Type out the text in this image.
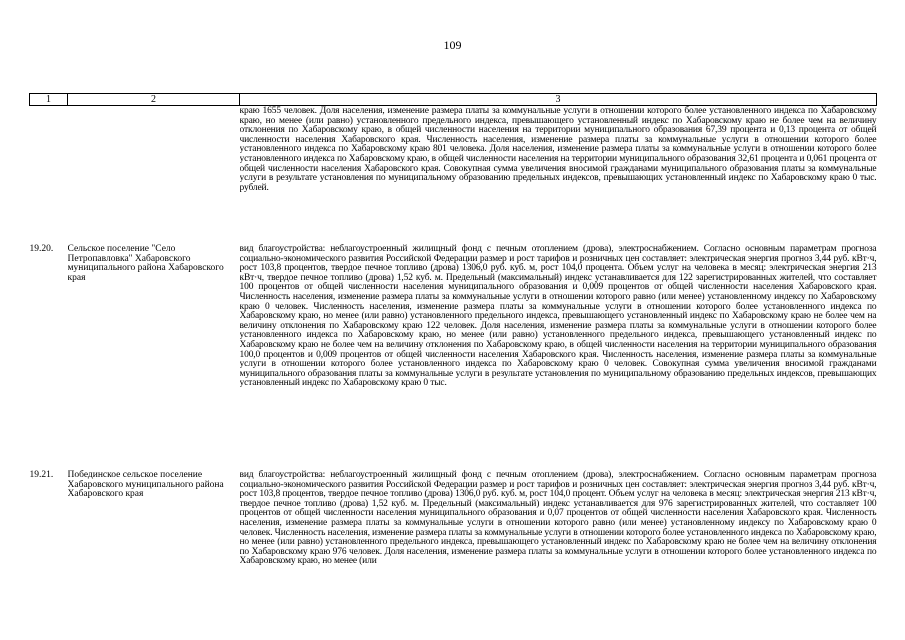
109
1	2	3
		краю 1655 человек. Доля населения, изменение размера платы за коммунальные услуги в отношении которого более установленного индекса по Хабаровскому краю, но менее (или равно) установленного предельного индекса, превышающего установленный индекс по Хабаровскому краю не более чем на величину отклонения по Хабаровскому краю, в общей численности населения на территории муниципального образования 67,39 процента и 0,13 процента от общей численности населения Хабаровского края. Численность населения, изменение размера платы за коммунальные услуги в отношении которого более установленного индекса по Хабаровскому краю 801 человека. Доля населения, изменение размера платы за коммунальные услуги в отношении которого более установленного индекса по Хабаровскому краю, в общей численности населения на территории муниципального образования 32,61 процента и 0,061 процента от общей численности населения Хабаровского края. Совокупная сумма увеличения вносимой гражданами муниципального образования платы за коммунальные услуги в результате установления по муниципальному образованию предельных индексов, превышающих установленный индекс по Хабаровскому краю 0 тыс. рублей.
19.20.	Сельское поселение "Село Петропавловка" Хабаровского муниципального района Хабаровского края	вид благоустройства: неблагоустроенный жилищный фонд с печным отоплением (дрова), электроснабжением. Согласно основным параметрам прогноза социально-экономического развития Российской Федерации размер и рост тарифов и розничных цен составляет: электрическая энергия прогноз 3,44 руб. кВт·ч, рост 103,8 процентов, твердое печное топливо (дрова) 1306,0 руб. куб. м, рост 104,0 процента. Объем услуг на человека в месяц: электрическая энергия 213 кВт·ч, твердое печное топливо (дрова) 1,52 куб. м. Предельный (максимальный) индекс устанавливается для 122 зарегистрированных жителей, что составляет 100 процентов от общей численности населения муниципального образования и 0,009 процентов от общей численности населения Хабаровского края. Численность населения, изменение размера платы за коммунальные услуги в отношении которого равно (или менее) установленному индексу по Хабаровскому краю 0 человек. Численность населения, изменение размера платы за коммунальные услуги в отношении которого более установленного индекса по Хабаровскому краю, но менее (или равно) установленного предельного индекса, превышающего установленный индекс по Хабаровскому краю не более чем на величину отклонения по Хабаровскому краю 122 человек. Доля населения, изменение размера платы за коммунальные услуги в отношении которого более установленного индекса по Хабаровскому краю, но менее (или равно) установленного предельного индекса, превышающего установленный индекс по Хабаровскому краю не более чем на величину отклонения по Хабаровскому краю, в общей численности населения на территории муниципального образования 100,0 процентов и 0,009 процентов от общей численности населения Хабаровского края. Численность населения, изменение размера платы за коммунальные услуги в отношении которого более установленного индекса по Хабаровскому краю 0 человек. Совокупная сумма увеличения вносимой гражданами муниципального образования платы за коммунальные услуги в результате установления по муниципальному образованию предельных индексов, превышающих установленный индекс по Хабаровскому краю 0 тыс.
19.21.	Побединское сельское поселение Хабаровского муниципального района Хабаровского края	вид благоустройства: неблагоустроенный жилищный фонд с печным отоплением (дрова), электроснабжением. Согласно основным параметрам прогноза социально-экономического развития Российской Федерации размер и рост тарифов и розничных цен составляет: электрическая энергия прогноз 3,44 руб. кВт·ч, рост 103,8 процентов, твердое печное топливо (дрова) 1306,0 руб. куб. м, рост 104,0 процент. Объем услуг на человека в месяц: электрическая энергия 213 кВт·ч, твердое печное топливо (дрова) 1,52 куб. м. Предельный (максимальный) индекс устанавливается для 976 зарегистрированных жителей, что составляет 100 процентов от общей численности населения муниципального образования и 0,07 процентов от общей численности населения Хабаровского края. Численность населения, изменение размера платы за коммунальные услуги в отношении которого равно (или менее) установленному индексу по Хабаровскому краю 0 человек. Численность населения, изменение размера платы за коммунальные услуги в отношении которого более установленного индекса по Хабаровскому краю, но менее (или равно) установленного предельного индекса, превышающего установленный индекс по Хабаровскому краю не более чем на величину отклонения по Хабаровскому краю 976 человек. Доля населения, изменение размера платы за коммунальные услуги в отношении которого более установленного индекса по Хабаровскому краю, но менее (или
